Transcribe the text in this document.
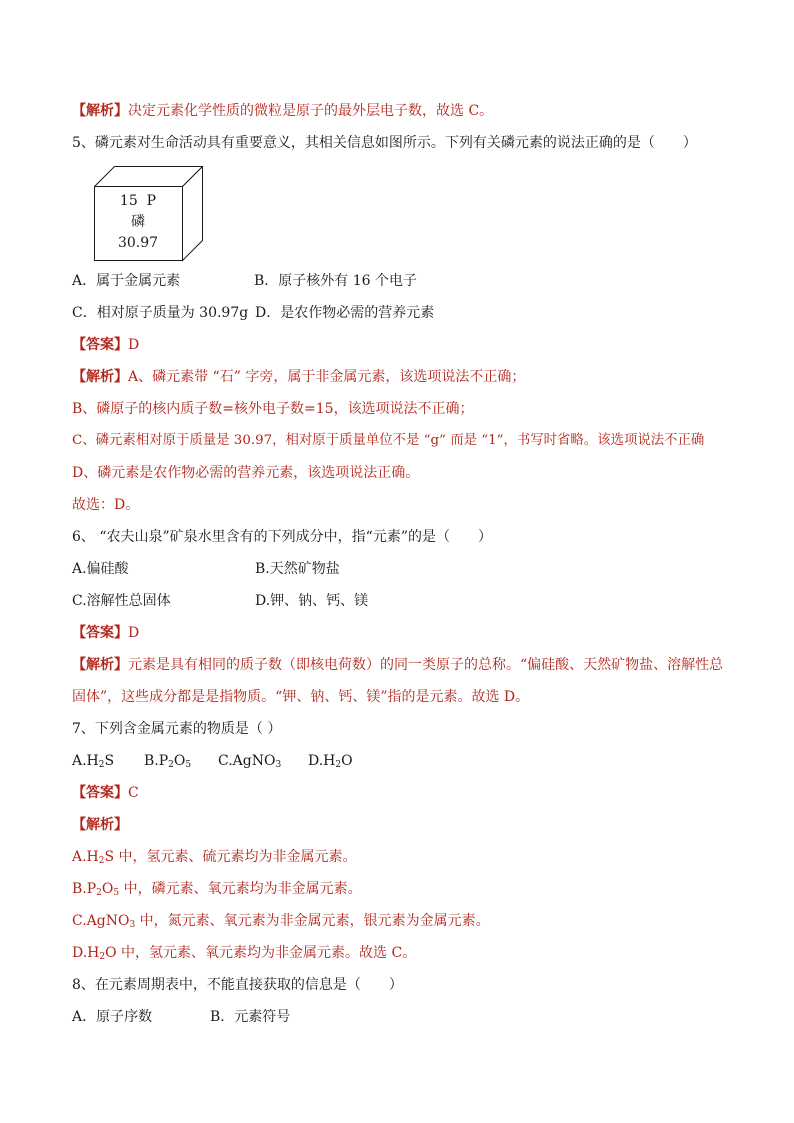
【解析】决定元素化学性质的微粒是原子的最外层电子数，故选 C。
5、磷元素对生命活动具有重要意义，其相关信息如图所示。下列有关磷元素的说法正确的是（　　）
15 P
磷
30.97
A．属于金属元素	B．原子核外有 16 个电子
C．相对原子质量为 30.97g D．是农作物必需的营养元素
【答案】D
【解析】A、磷元素带 “石” 字旁，属于非金属元素，该选项说法不正确；
B、磷原子的核内质子数=核外电子数=15，该选项说法不正确；
C、磷元素相对原于质量是 30.97，相对原于质量单位不是 “g” 而是 “1”，书写时省略。该选项说法不正确
D、磷元素是农作物必需的营养元素，该选项说法正确。
故选：D。
6、 “农夫山泉”矿泉水里含有的下列成分中，指“元素”的是（　　）
A.偏硅酸	B.天然矿物盐
C.溶解性总固体	D.钾、钠、钙、镁
【答案】D
【解析】元素是具有相同的质子数（即核电荷数）的同一类原子的总称。“偏硅酸、天然矿物盐、溶解性总
固体”，这些成分都是是指物质。“钾、钠、钙、镁”指的是元素。故选 D。
7、下列含金属元素的物质是（ ）
$A.H_2S$ $B.P_2O_5$ C.AgNO$_3$ $D.H_2O$
【答案】C
【解析】
$A.H_2S$ 中，氢元素、硫元素均为非金属元素。
$B.P_2O_5$ 中，磷元素、氧元素均为非金属元素。
C.AgNO$_3$ 中，氮元素、氧元素为非金属元素，银元素为金属元素。
$D.H_2O$ 中，氢元素、氧元素均为非金属元素。故选 C。
8、在元素周期表中，不能直接获取的信息是（　　）
A．原子序数	B．元素符号
